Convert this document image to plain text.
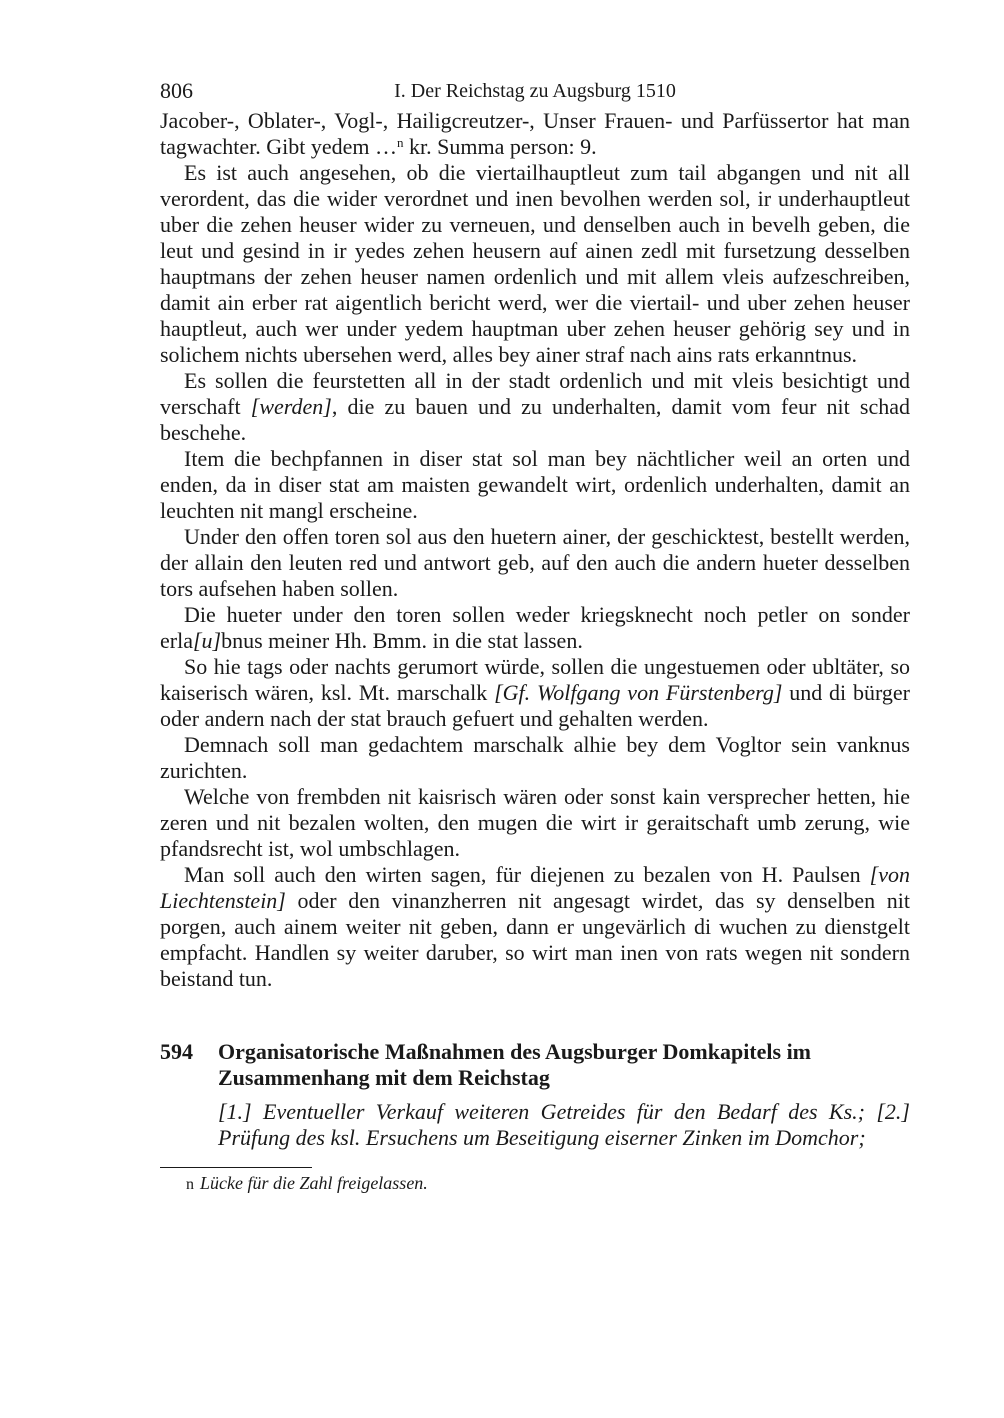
806	I. Der Reichstag zu Augsburg 1510

Jacober-, Oblater-, Vogl-, Hailigcreutzer-, Unser Frauen- und Parfüssertor hat man tagwachter. Gibt yedem …$^n$ kr. Summa person: 9.

Es ist auch angesehen, ob die viertailhauptleut zum tail abgangen und nit all verordent, das die wider verordnet und inen bevolhen werden sol, ir underhauptleut uber die zehen heuser wider zu verneuen, und denselben auch in bevelh geben, die leut und gesind in ir yedes zehen heusern auf ainen zedl mit fursetzung desselben hauptmans der zehen heuser namen ordenlich und mit allem vleis aufzeschreiben, damit ain erber rat aigentlich bericht werd, wer die viertail- und uber zehen heuser hauptleut, auch wer under yedem hauptman uber zehen heuser gehörig sey und in solichem nichts ubersehen werd, alles bey ainer straf nach ains rats erkanntnus.

Es sollen die feurstetten all in der stadt ordenlich und mit vleis besichtigt und verschaft [werden], die zu bauen und zu underhalten, damit vom feur nit schad beschehe.

Item die bechpfannen in diser stat sol man bey nächtlicher weil an orten und enden, da in diser stat am maisten gewandelt wirt, ordenlich underhalten, damit an leuchten nit mangl erscheine.

Under den offen toren sol aus den huetern ainer, der geschicktest, bestellt werden, der allain den leuten red und antwort geb, auf den auch die andern hueter desselben tors aufsehen haben sollen.

Die hueter under den toren sollen weder kriegsknecht noch petler on sonder erla[u]bnus meiner Hh. Bmm. in die stat lassen.

So hie tags oder nachts gerumort würde, sollen die ungestuemen oder ubltäter, so kaiserisch wären, ksl. Mt. marschalk [Gf. Wolfgang von Fürstenberg] und di bürger oder andern nach der stat brauch gefuert und gehalten werden.

Demnach soll man gedachtem marschalk alhie bey dem Vogltor sein vanknus zurichten.

Welche von frembden nit kaisrisch wären oder sonst kain versprecher hetten, hie zeren und nit bezalen wolten, den mugen die wirt ir geraitschaft umb zerung, wie pfandsrecht ist, wol umbschlagen.

Man soll auch den wirten sagen, für diejenen zu bezalen von H. Paulsen [von Liechtenstein] oder den vinanzherren nit angesagt wirdet, das sy denselben nit porgen, auch ainem weiter nit geben, dann er ungevärlich di wuchen zu dienstgelt empfacht. Handlen sy weiter daruber, so wirt man inen von rats wegen nit sondern beistand tun.

594	Organisatorische Maßnahmen des Augsburger Domkapitels im Zusammenhang mit dem Reichstag
[1.] Eventueller Verkauf weiteren Getreides für den Bedarf des Ks.; [2.] Prüfung des ksl. Ersuchens um Beseitigung eiserner Zinken im Domchor;
n Lücke für die Zahl freigelassen.
